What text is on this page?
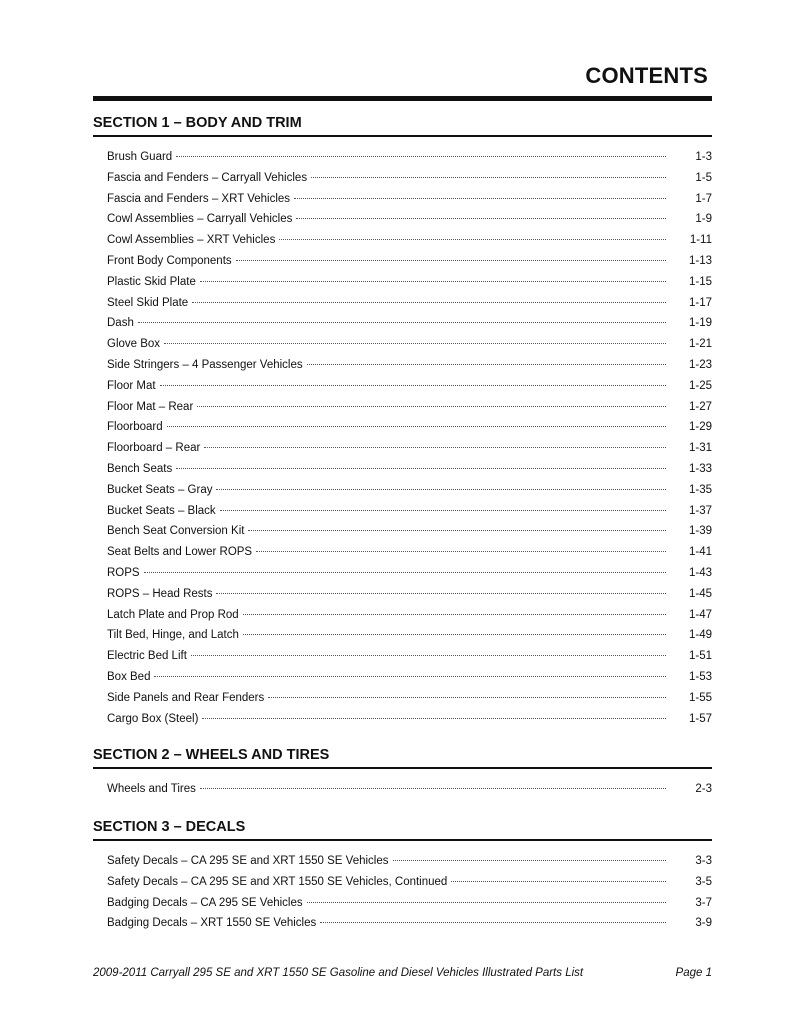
CONTENTS
SECTION 1 – BODY AND TRIM
Brush Guard	1-3
Fascia and Fenders – Carryall Vehicles	1-5
Fascia and Fenders – XRT Vehicles	1-7
Cowl Assemblies – Carryall Vehicles	1-9
Cowl Assemblies – XRT Vehicles	1-11
Front Body Components	1-13
Plastic Skid Plate	1-15
Steel Skid Plate	1-17
Dash	1-19
Glove Box	1-21
Side Stringers – 4 Passenger Vehicles	1-23
Floor Mat	1-25
Floor Mat – Rear	1-27
Floorboard	1-29
Floorboard – Rear	1-31
Bench Seats	1-33
Bucket Seats – Gray	1-35
Bucket Seats – Black	1-37
Bench Seat Conversion Kit	1-39
Seat Belts and Lower ROPS	1-41
ROPS	1-43
ROPS – Head Rests	1-45
Latch Plate and Prop Rod	1-47
Tilt Bed, Hinge, and Latch	1-49
Electric Bed Lift	1-51
Box Bed	1-53
Side Panels and Rear Fenders	1-55
Cargo Box (Steel)	1-57
SECTION 2 – WHEELS AND TIRES
Wheels and Tires	2-3
SECTION 3 – DECALS
Safety Decals – CA 295 SE and XRT 1550 SE Vehicles	3-3
Safety Decals – CA 295 SE and XRT 1550 SE Vehicles, Continued	3-5
Badging Decals – CA 295 SE Vehicles	3-7
Badging Decals – XRT 1550 SE Vehicles	3-9
2009-2011 Carryall 295 SE and XRT 1550 SE Gasoline and Diesel Vehicles Illustrated Parts List	Page 1
